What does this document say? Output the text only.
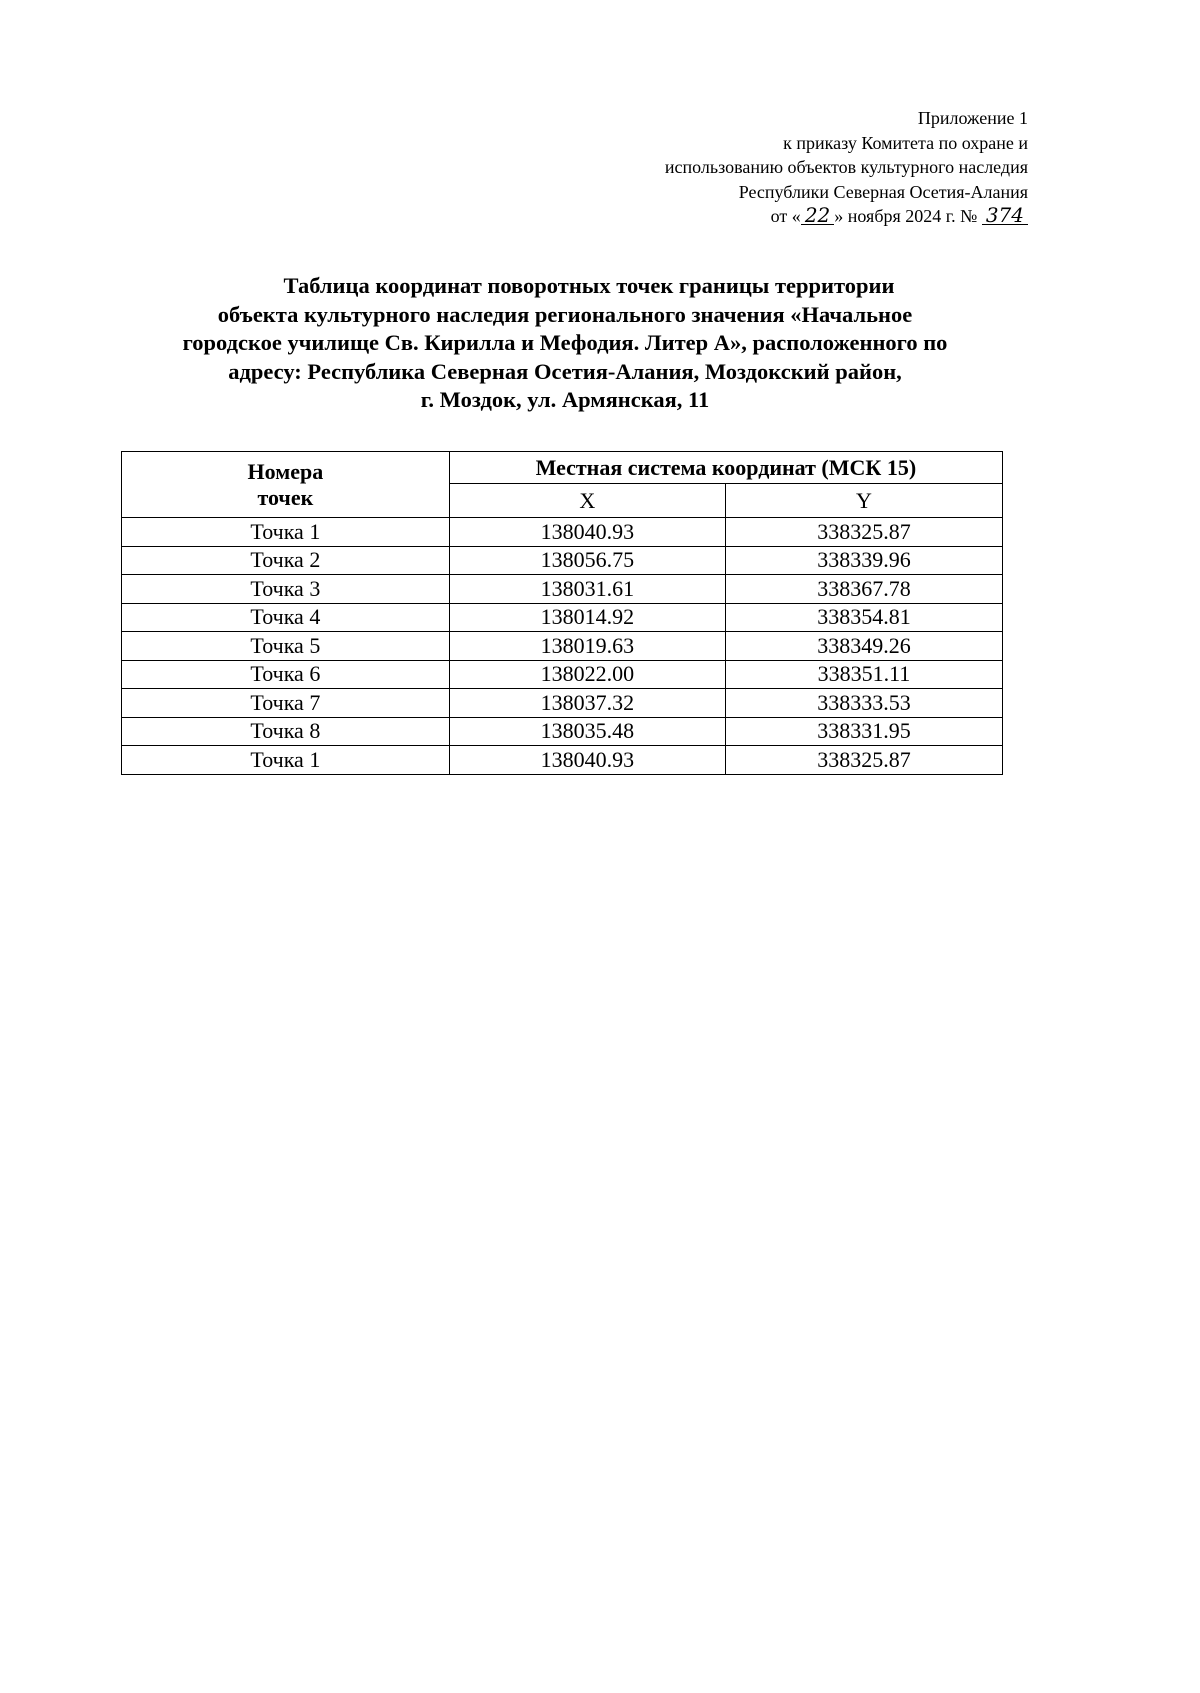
Приложение 1
к приказу Комитета по охране и
использованию объектов культурного наследия
Республики Северная Осетия-Алания
от « 22 » ноября 2024 г. № 374
Таблица координат поворотных точек границы территории
объекта культурного наследия регионального значения «Начальное
городское училище Св. Кирилла и Мефодия. Литер А», расположенного по
адресу: Республика Северная Осетия-Алания, Моздокский район,
г. Моздок, ул. Армянская, 11
Номера
точек	Местная система координат (МСК 15)	
	X	Y
Точка 1	138040.93	338325.87
Точка 2	138056.75	338339.96
Точка 3	138031.61	338367.78
Точка 4	138014.92	338354.81
Точка 5	138019.63	338349.26
Точка 6	138022.00	338351.11
Точка 7	138037.32	338333.53
Точка 8	138035.48	338331.95
Точка 1	138040.93	338325.87
